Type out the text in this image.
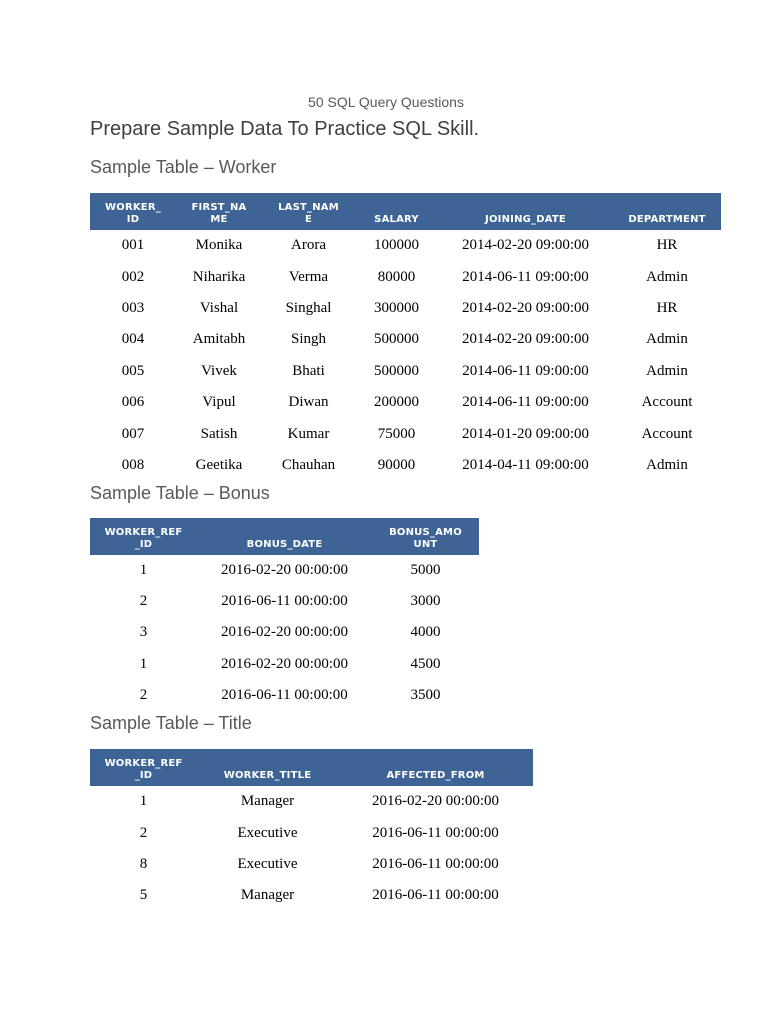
50 SQL Query Questions
Prepare Sample Data To Practice SQL Skill.
Sample Table – Worker
WORKER_
ID	FIRST_NA
ME	LAST_NAM
E	SALARY	JOINING_DATE	DEPARTMENT
001	Monika	Arora	100000	2014-02-20 09:00:00	HR
002	Niharika	Verma	80000	2014-06-11 09:00:00	Admin
003	Vishal	Singhal	300000	2014-02-20 09:00:00	HR
004	Amitabh	Singh	500000	2014-02-20 09:00:00	Admin
005	Vivek	Bhati	500000	2014-06-11 09:00:00	Admin
006	Vipul	Diwan	200000	2014-06-11 09:00:00	Account
007	Satish	Kumar	75000	2014-01-20 09:00:00	Account
008	Geetika	Chauhan	90000	2014-04-11 09:00:00	Admin
Sample Table – Bonus
WORKER_REF
_ID	BONUS_DATE	BONUS_AMO
UNT
1	2016-02-20 00:00:00	5000
2	2016-06-11 00:00:00	3000
3	2016-02-20 00:00:00	4000
1	2016-02-20 00:00:00	4500
2	2016-06-11 00:00:00	3500
Sample Table – Title
WORKER_REF
_ID	WORKER_TITLE	AFFECTED_FROM
1	Manager	2016-02-20 00:00:00
2	Executive	2016-06-11 00:00:00
8	Executive	2016-06-11 00:00:00
5	Manager	2016-06-11 00:00:00
